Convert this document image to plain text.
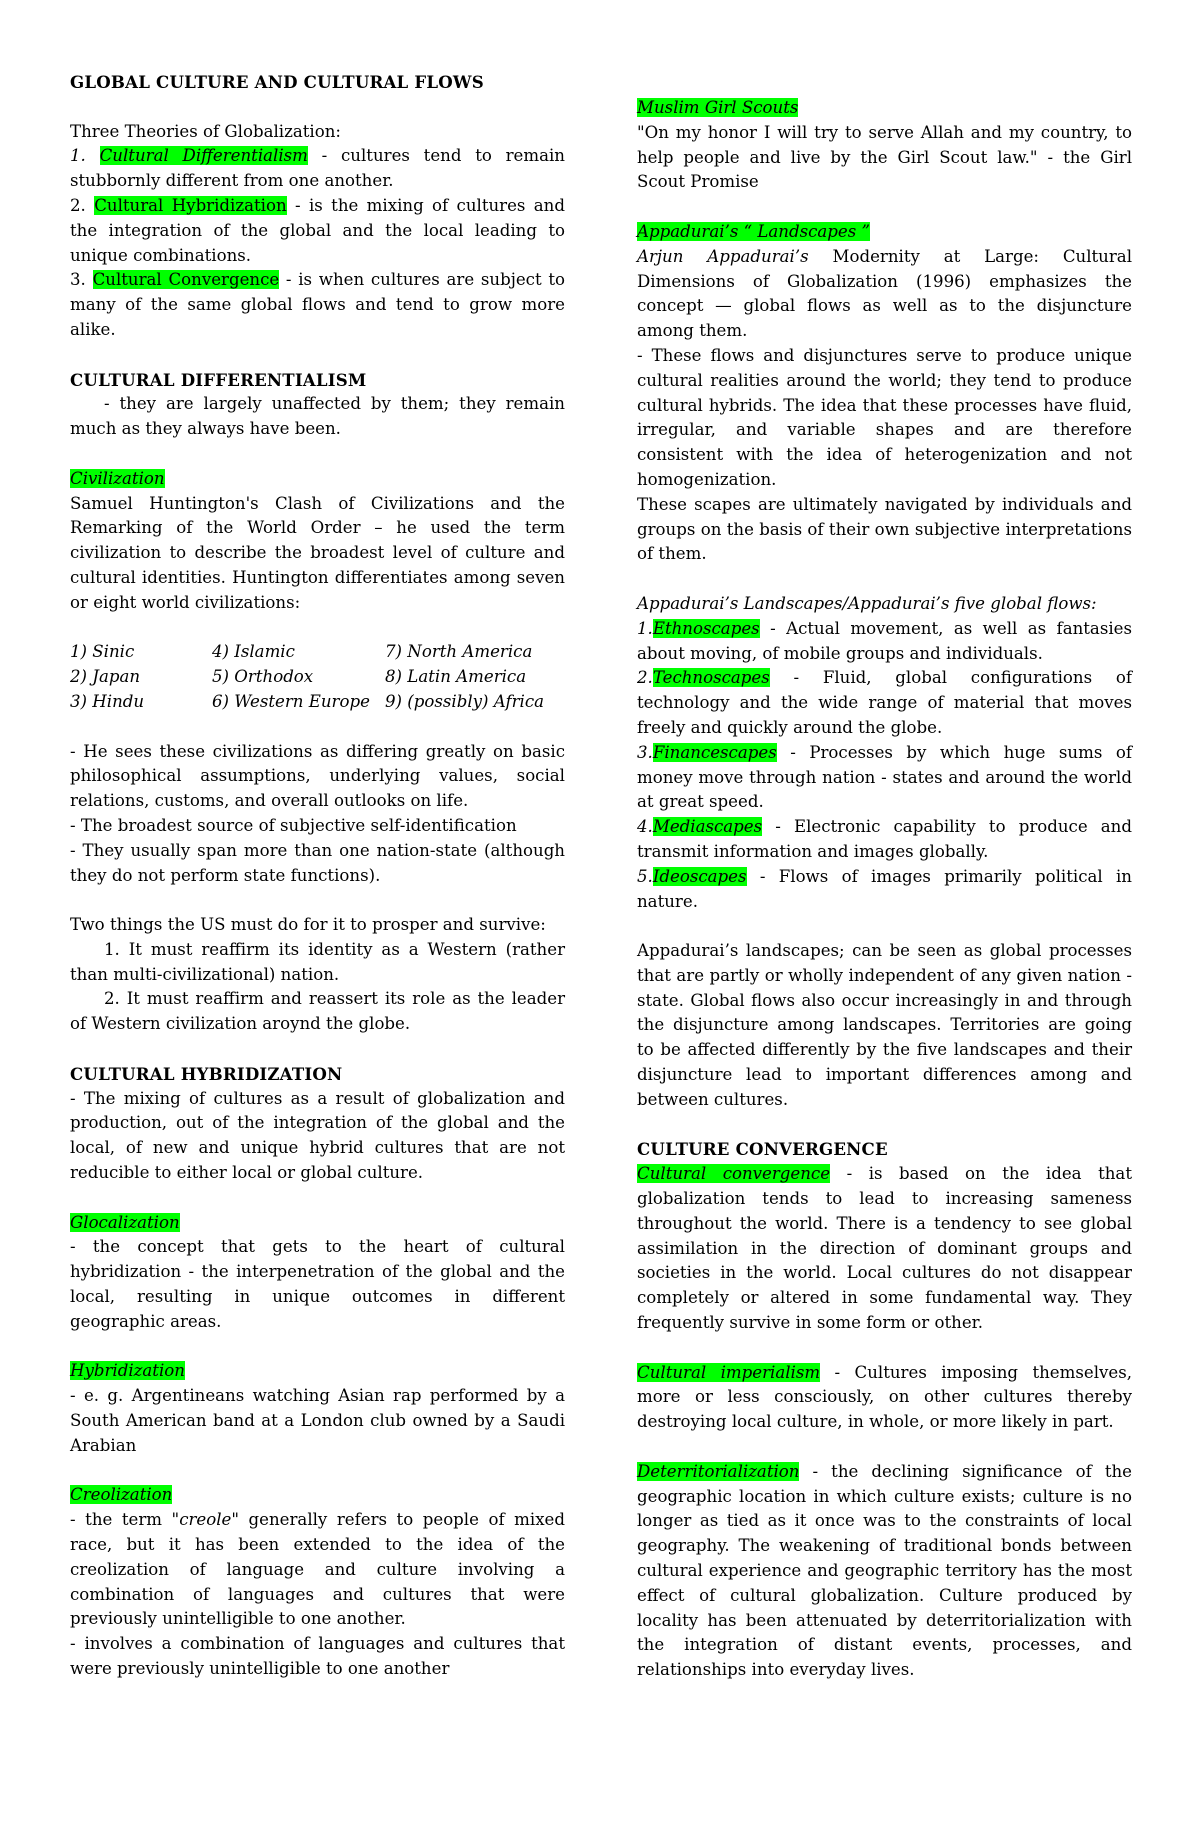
GLOBAL CULTURE AND CULTURAL FLOWS

Three Theories of Globalization:

1. Cultural Differentialism - cultures tend to remain stubbornly different from one another.

2. Cultural Hybridization - is the mixing of cultures and the integration of the global and the local leading to unique combinations.

3. Cultural Convergence - is when cultures are subject to many of the same global flows and tend to grow more alike.

CULTURAL DIFFERENTIALISM

- they are largely unaffected by them; they remain much as they always have been.

Civilization

Samuel Huntington's Clash of Civilizations and the Remarking of the World Order – he used the term civilization to describe the broadest level of culture and cultural identities. Huntington differentiates among seven or eight world civilizations:

1) Sinic	4) Islamic	7) North America
2) Japan	5) Orthodox	8) Latin America
3) Hindu	6) Western Europe 9) (possibly) Africa

- He sees these civilizations as differing greatly on basic philosophical assumptions, underlying values, social relations, customs, and overall outlooks on life.

- The broadest source of subjective self-identification

- They usually span more than one nation-state (although they do not perform state functions).

Two things the US must do for it to prosper and survive:

1. It must reaffirm its identity as a Western (rather than multi-civilizational) nation.

2. It must reaffirm and reassert its role as the leader of Western civilization aroynd the globe.

CULTURAL HYBRIDIZATION

- The mixing of cultures as a result of globalization and production, out of the integration of the global and the local, of new and unique hybrid cultures that are not reducible to either local or global culture.

Glocalization

- the concept that gets to the heart of cultural hybridization - the interpenetration of the global and the local, resulting in unique outcomes in different geographic areas.

Hybridization

- e. g. Argentineans watching Asian rap performed by a South American band at a London club owned by a Saudi Arabian

Creolization

- the term "creole" generally refers to people of mixed race, but it has been extended to the idea of the creolization of language and culture involving a combination of languages and cultures that were previously unintelligible to one another.

- involves a combination of languages and cultures that were previously unintelligible to one another

Muslim Girl Scouts

"On my honor I will try to serve Allah and my country, to help people and live by the Girl Scout law." - the Girl Scout Promise

Appadurai’s “ Landscapes ”

Arjun Appadurai’s Modernity at Large: Cultural Dimensions of Globalization (1996) emphasizes the concept — global flows as well as to the disjuncture among them.

- These flows and disjunctures serve to produce unique cultural realities around the world; they tend to produce cultural hybrids. The idea that these processes have fluid, irregular, and variable shapes and are therefore consistent with the idea of heterogenization and not homogenization.

These scapes are ultimately navigated by individuals and groups on the basis of their own subjective interpretations of them.

Appadurai’s Landscapes/Appadurai’s five global flows:

1.Ethnoscapes - Actual movement, as well as fantasies about moving, of mobile groups and individuals.

2.Technoscapes - Fluid, global configurations of technology and the wide range of material that moves freely and quickly around the globe.

3.Financescapes - Processes by which huge sums of money move through nation - states and around the world at great speed.

4.Mediascapes - Electronic capability to produce and transmit information and images globally.

5.Ideoscapes - Flows of images primarily political in nature.

Appadurai’s landscapes; can be seen as global processes that are partly or wholly independent of any given nation - state. Global flows also occur increasingly in and through the disjuncture among landscapes. Territories are going to be affected differently by the five landscapes and their disjuncture lead to important differences among and between cultures.

CULTURE CONVERGENCE

Cultural convergence - is based on the idea that globalization tends to lead to increasing sameness throughout the world. There is a tendency to see global assimilation in the direction of dominant groups and societies in the world. Local cultures do not disappear completely or altered in some fundamental way. They frequently survive in some form or other.

Cultural imperialism - Cultures imposing themselves, more or less consciously, on other cultures thereby destroying local culture, in whole, or more likely in part.

Deterritorialization - the declining significance of the geographic location in which culture exists; culture is no longer as tied as it once was to the constraints of local geography. The weakening of traditional bonds between cultural experience and geographic territory has the most effect of cultural globalization. Culture produced by locality has been attenuated by deterritorialization with the integration of distant events, processes, and relationships into everyday lives.
